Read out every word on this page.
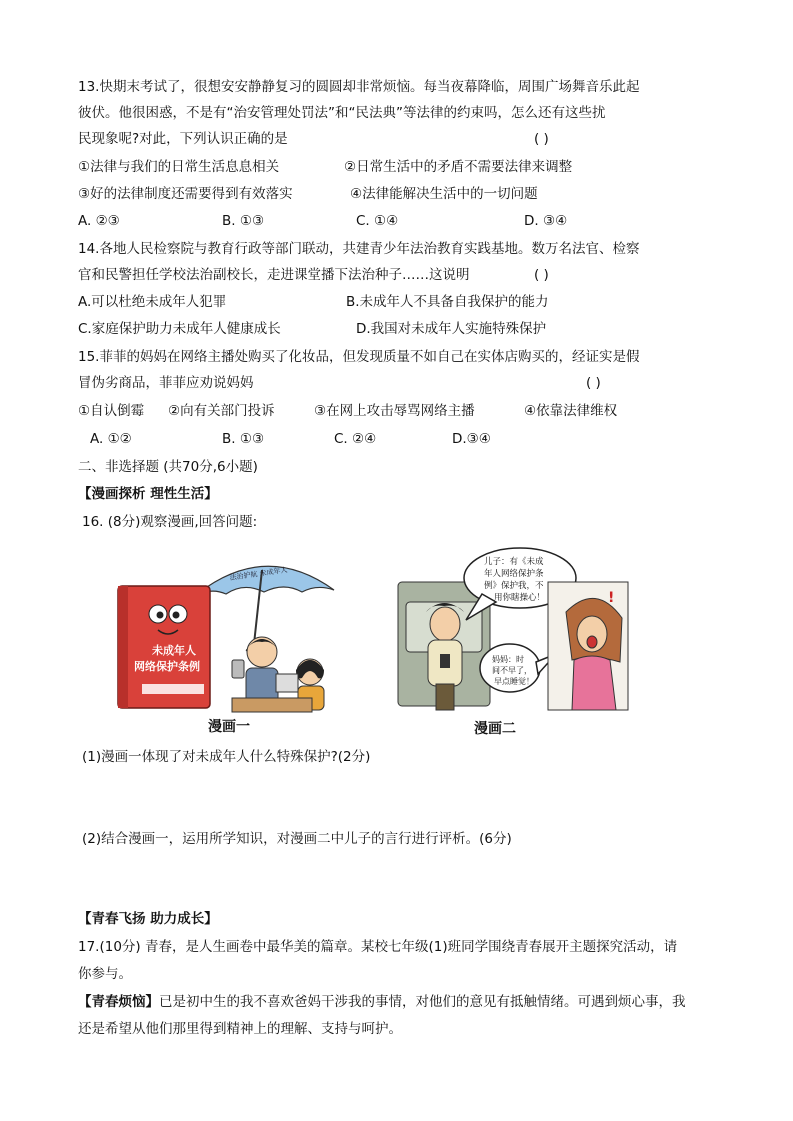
13.快期末考试了，很想安安静静复习的圆圆却非常烦恼。每当夜幕降临，周围广场舞音乐此起
彼伏。他很困惑，不是有“治安管理处罚法”和“民法典”等法律的约束吗，怎么还有这些扰
民现象呢?对此，下列认识正确的是	( )
①法律与我们的日常生活息息相关	②日常生活中的矛盾不需要法律来调整
③好的法律制度还需要得到有效落实	④法律能解决生活中的一切问题
A. ②③	B. ①③	C. ①④	D. ③④
14.各地人民检察院与教育行政等部门联动，共建青少年法治教育实践基地。数万名法官、检察
官和民警担任学校法治副校长，走进课堂播下法治种子……这说明	( )
A.可以杜绝未成年人犯罪	B.未成年人不具备自我保护的能力
C.家庭保护助力未成年人健康成长	D.我国对未成年人实施特殊保护
15.菲菲的妈妈在网络主播处购买了化妆品，但发现质量不如自己在实体店购买的，经证实是假
冒伪劣商品，菲菲应劝说妈妈	( )
①自认倒霉 ②向有关部门投诉	③在网上攻击辱骂网络主播	④依靠法律维权
A. ①②	B. ①③	C. ②④	D.③④
二、非选择题 (共70分,6小题)
【漫画探析 理性生活】
16. (8分)观察漫画,回答问题:
法治护航 未成年人
未成年人
网络保护条例
漫画一
儿子：有《未成
年人网络保护条
例》保护我，不
用你瞎操心！
妈妈：时
间不早了，
早点睡觉！
!
漫画二
(1)漫画一体现了对未成年人什么特殊保护?(2分)
(2)结合漫画一，运用所学知识，对漫画二中儿子的言行进行评析。(6分)
【青春飞扬 助力成长】
17.(10分) 青春，是人生画卷中最华美的篇章。某校七年级(1)班同学围绕青春展开主题探究活动，请
你参与。
【青春烦恼】已是初中生的我不喜欢爸妈干涉我的事情，对他们的意见有抵触情绪。可遇到烦心事，我
还是希望从他们那里得到精神上的理解、支持与呵护。
